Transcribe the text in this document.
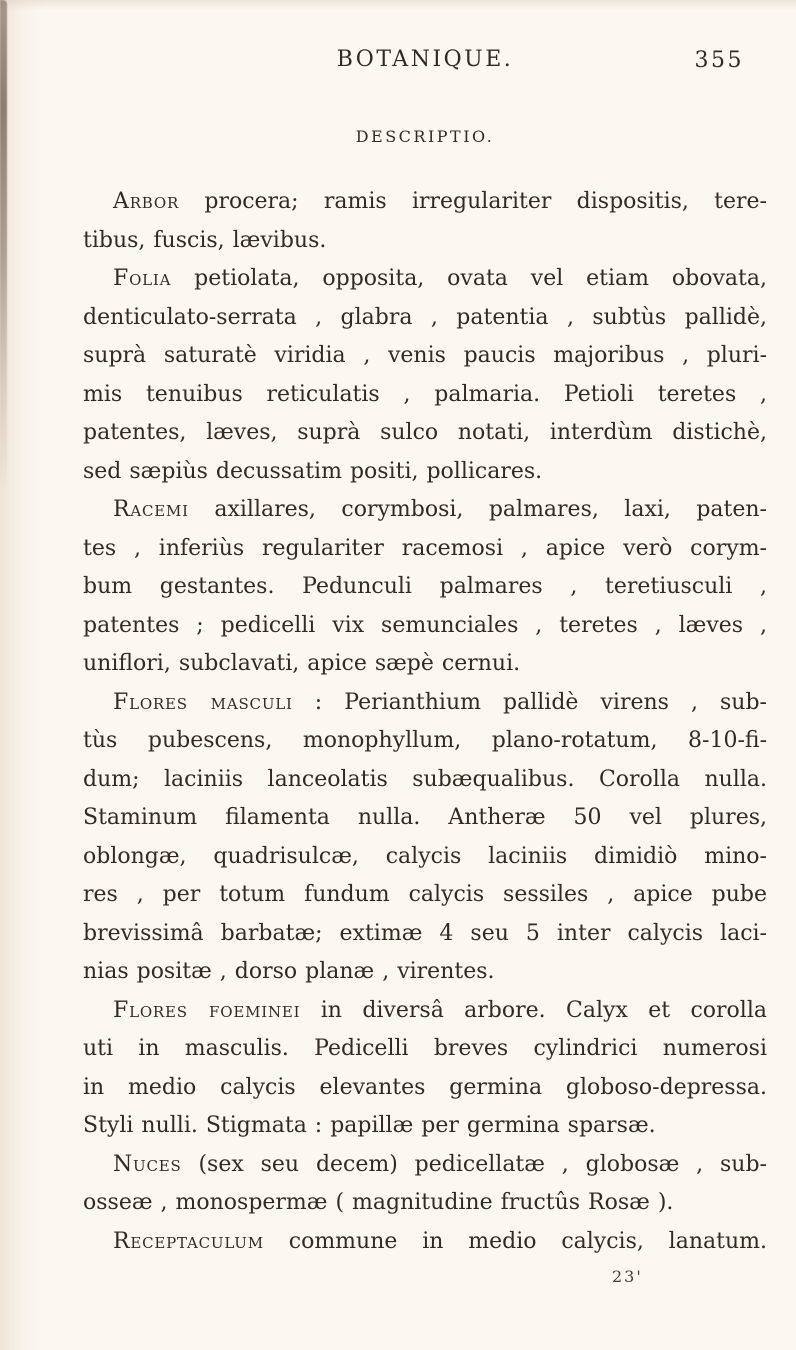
BOTANIQUE.	355
DESCRIPTIO.
Arbor procera; ramis irregulariter dispositis, tere-
tibus, fuscis, lævibus.
Folia petiolata, opposita, ovata vel etiam obovata,
denticulato-serrata , glabra , patentia , subtùs pallidè,
suprà saturatè viridia , venis paucis majoribus , pluri-
mis tenuibus reticulatis , palmaria. Petioli teretes ,
patentes, læves, suprà sulco notati, interdùm distichè,
sed sæpiùs decussatim positi, pollicares.
Racemi axillares, corymbosi, palmares, laxi, paten-
tes , inferiùs regulariter racemosi , apice verò corym-
bum gestantes. Pedunculi palmares , teretiusculi ,
patentes ; pedicelli vix semunciales , teretes , læves ,
uniflori, subclavati, apice sæpè cernui.
Flores masculi : Perianthium pallidè virens , sub-
tùs pubescens, monophyllum, plano-rotatum, 8-10-fi-
dum; laciniis lanceolatis subæqualibus. Corolla nulla.
Staminum filamenta nulla. Antheræ 50 vel plures,
oblongæ, quadrisulcæ, calycis laciniis dimidiò mino-
res , per totum fundum calycis sessiles , apice pube
brevissimâ barbatæ; extimæ 4 seu 5 inter calycis laci-
nias positæ , dorso planæ , virentes.
Flores foeminei in diversâ arbore. Calyx et corolla
uti in masculis. Pedicelli breves cylindrici numerosi
in medio calycis elevantes germina globoso-depressa.
Styli nulli. Stigmata : papillæ per germina sparsæ.
Nuces (sex seu decem) pedicellatæ , globosæ , sub-
osseæ , monospermæ ( magnitudine fructûs Rosæ ).
Receptaculum commune in medio calycis, lanatum.
23'
